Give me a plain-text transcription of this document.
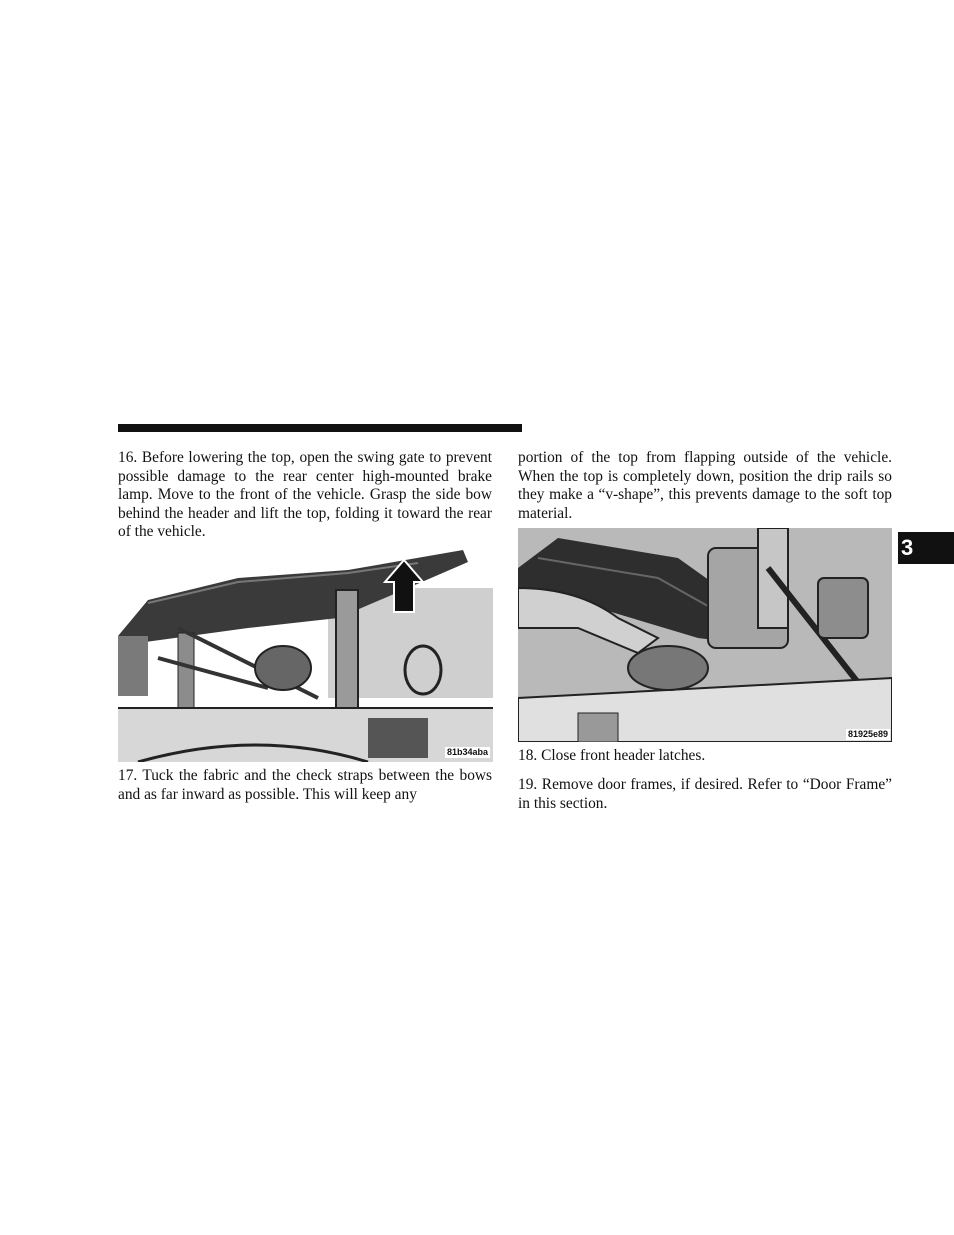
16. Before lowering the top, open the swing gate to prevent possible damage to the rear center high-mounted brake lamp. Move to the front of the vehicle. Grasp the side bow behind the header and lift the top, folding it toward the rear of the vehicle.

81b34aba

17. Tuck the fabric and the check straps between the bows and as far inward as possible. This will keep any

portion of the top from flapping outside of the vehicle. When the top is completely down, position the drip rails so they make a “v-shape”, this prevents damage to the soft top material.

81925e89

18. Close front header latches.

19. Remove door frames, if desired. Refer to “Door Frame” in this section.

3
